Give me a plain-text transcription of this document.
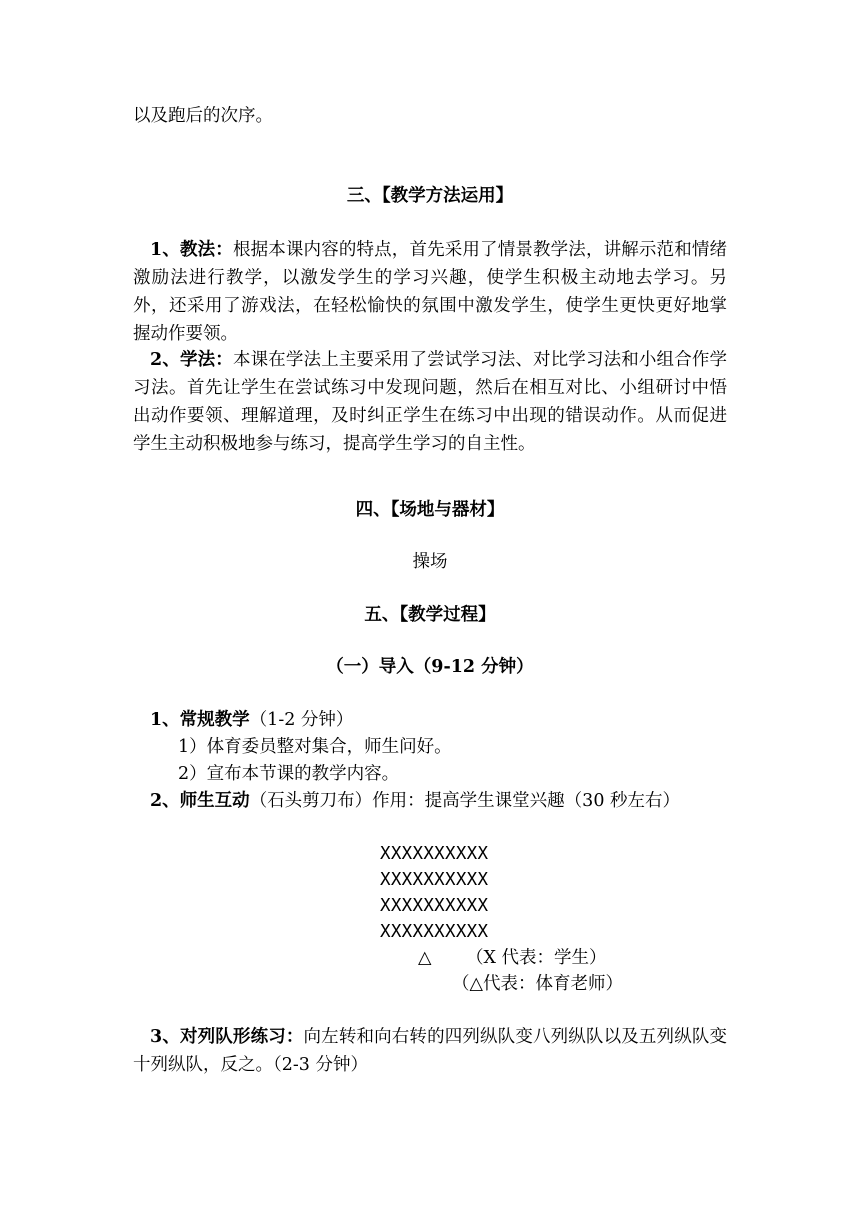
以及跑后的次序。

三、【教学方法运用】

1、教法：根据本课内容的特点，首先采用了情景教学法，讲解示范和情绪激励法进行教学，以激发学生的学习兴趣，使学生积极主动地去学习。另外，还采用了游戏法，在轻松愉快的氛围中激发学生，使学生更快更好地掌握动作要领。

2、学法：本课在学法上主要采用了尝试学习法、对比学习法和小组合作学习法。首先让学生在尝试练习中发现问题，然后在相互对比、小组研讨中悟出动作要领、理解道理，及时纠正学生在练习中出现的错误动作。从而促进学生主动积极地参与练习，提高学生学习的自主性。

四、【场地与器材】

操场

五、【教学过程】

（一）导入（9-12 分钟）

1、常规教学（1-2 分钟）

1）体育委员整对集合，师生问好。

2）宣布本节课的教学内容。

2、师生互动（石头剪刀布）作用：提高学生课堂兴趣（30 秒左右）

XXXXXXXXXX

XXXXXXXXXX

XXXXXXXXXX

XXXXXXXXXX

△ （X 代表：学生）

（△代表：体育老师）

3、对列队形练习：向左转和向右转的四列纵队变八列纵队以及五列纵队变十列纵队，反之。（2-3 分钟）
